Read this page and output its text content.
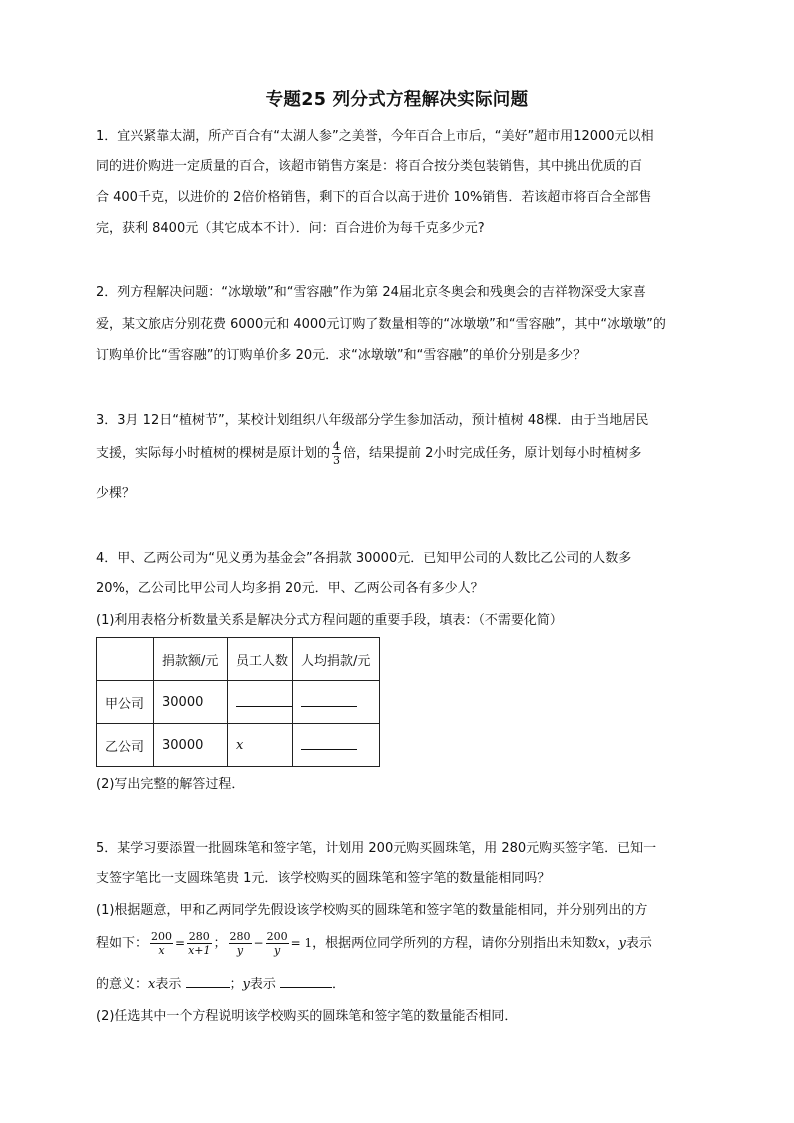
专题25 列分式方程解决实际问题
1．宜兴紧靠太湖，所产百合有“太湖人参”之美誉，今年百合上市后，“美好”超市用12000元以相
同的进价购进一定质量的百合，该超市销售方案是：将百合按分类包装销售，其中挑出优质的百
合 400千克，以进价的 2倍价格销售，剩下的百合以高于进价 10%销售．若该超市将百合全部售
完，获利 8400元（其它成本不计）．问：百合进价为每千克多少元?
2．列方程解决问题：“冰墩墩”和“雪容融”作为第 24届北京冬奥会和残奥会的吉祥物深受大家喜
爱，某文旅店分别花费 6000元和 4000元订购了数量相等的“冰墩墩”和“雪容融”，其中“冰墩墩”的
订购单价比“雪容融”的订购单价多 20元．求“冰墩墩”和“雪容融”的单价分别是多少？
3．3月 12日“植树节”，某校计划组织八年级部分学生参加活动，预计植树 48棵．由于当地居民
支援，实际每小时植树的棵树是原计划的 $\frac{4}{3}$ 倍，结果提前 2小时完成任务，原计划每小时植树多
少棵？
4．甲、乙两公司为“见义勇为基金会”各捐款 30000元．已知甲公司的人数比乙公司的人数多
20%，乙公司比甲公司人均多捐 20元．甲、乙两公司各有多少人？
(1)利用表格分析数量关系是解决分式方程问题的重要手段，填表：（不需要化简）
	捐款额/元	员工人数	人均捐款/元
甲公司	30000		
乙公司	30000	x	
(2)写出完整的解答过程．
5．某学习要添置一批圆珠笔和签字笔，计划用 200元购买圆珠笔，用 280元购买签字笔．已知一
支签字笔比一支圆珠笔贵 1元．该学校购买的圆珠笔和签字笔的数量能相同吗？
(1)根据题意，甲和乙两同学先假设该学校购买的圆珠笔和签字笔的数量能相同，并分别列出的方
程如下： $\frac{200}{x} = \frac{280}{x+1}$ ； $\frac{280}{y} - \frac{200}{y} = 1$，根据两位同学所列的方程，请你分别指出未知数x，y表示
的意义：x表示	；y表示	．
(2)任选其中一个方程说明该学校购买的圆珠笔和签字笔的数量能否相同．
